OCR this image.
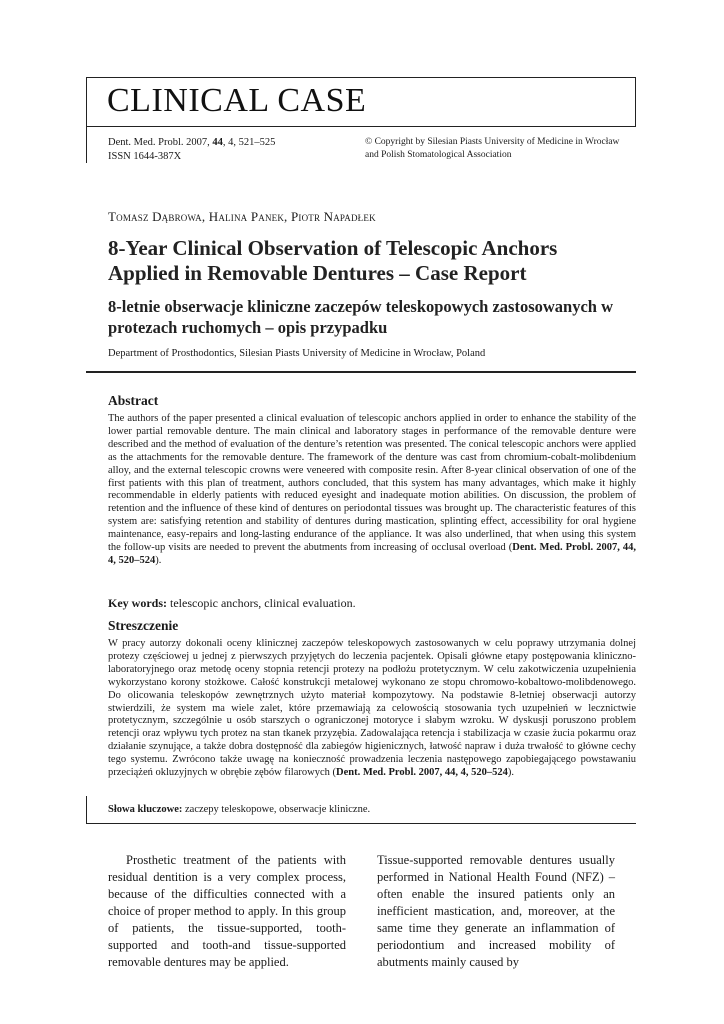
CLINICAL CASE
Dent. Med. Probl. 2007, 44, 4, 521–525
ISSN 1644-387X
© Copyright by Silesian Piasts University of Medicine in Wrocław
and Polish Stomatological Association
Tomasz Dąbrowa, Halina Panek, Piotr Napadłek
8-Year Clinical Observation of Telescopic Anchors Applied in Removable Dentures – Case Report
8-letnie obserwacje kliniczne zaczepów teleskopowych zastosowanych w protezach ruchomych – opis przypadku
Department of Prosthodontics, Silesian Piasts University of Medicine in Wrocław, Poland
Abstract

The authors of the paper presented a clinical evaluation of telescopic anchors applied in order to enhance the stability of the lower partial removable denture. The main clinical and laboratory stages in performance of the removable denture were described and the method of evaluation of the denture’s retention was presented. The conical telescopic anchors were applied as the attachments for the removable denture. The framework of the denture was cast from chromium-cobalt-molibdenium alloy, and the external telescopic crowns were veneered with composite resin. After 8-year clinical observation of one of the first patients with this plan of treatment, authors concluded, that this system has many advantages, which make it highly recommendable in elderly patients with reduced eyesight and inadequate motion abilities. On discussion, the problem of retention and the influence of these kind of dentures on periodontal tissues was brought up. The characteristic features of this system are: satisfying retention and stability of dentures during mastication, splinting effect, accessibility for oral hygiene maintenance, easy-repairs and long-lasting endurance of the appliance. It was also underlined, that when using this system the follow-up visits are needed to prevent the abutments from increasing of occlusal overload (Dent. Med. Probl. 2007, 44, 4, 520–524).

Key words: telescopic anchors, clinical evaluation.
Streszczenie

W pracy autorzy dokonali oceny klinicznej zaczepów teleskopowych zastosowanych w celu poprawy utrzymania dolnej protezy częściowej u jednej z pierwszych przyjętych do leczenia pacjentek. Opisali główne etapy postępowania kliniczno-laboratoryjnego oraz metodę oceny stopnia retencji protezy na podłożu protetycznym. W celu zakotwiczenia uzupełnienia wykorzystano korony stożkowe. Całość konstrukcji metalowej wykonano ze stopu chromowo-kobaltowo-molibdenowego. Do olicowania teleskopów zewnętrznych użyto materiał kompozytowy. Na podstawie 8-letniej obserwacji autorzy stwierdzili, że system ma wiele zalet, które przemawiają za celowością stosowania tych uzupełnień w lecznictwie protetycznym, szczególnie u osób starszych o ograniczonej motoryce i słabym wzroku. W dyskusji poruszono problem retencji oraz wpływu tych protez na stan tkanek przyzębia. Zadowalająca retencja i stabilizacja w czasie żucia pokarmu oraz działanie szynujące, a także dobra dostępność dla zabiegów higienicznych, łatwość napraw i duża trwałość to główne cechy tego systemu. Zwrócono także uwagę na konieczność prowadzenia leczenia następowego zapobiegającego powstawaniu przeciążeń okluzyjnych w obrębie zębów filarowych (Dent. Med. Probl. 2007, 44, 4, 520–524).

Słowa kluczowe: zaczepy teleskopowe, obserwacje kliniczne.

Prosthetic treatment of the patients with residual dentition is a very complex process, because of the difficulties connected with a choice of proper method to apply. In this group of patients, the tissue-supported, tooth-supported and tooth-and tissue-supported removable dentures may be applied.

Tissue-supported removable dentures usually performed in National Health Found (NFZ) – often enable the insured patients only an inefficient mastication, and, moreover, at the same time they generate an inflammation of periodontium and increased mobility of abutments mainly caused by
